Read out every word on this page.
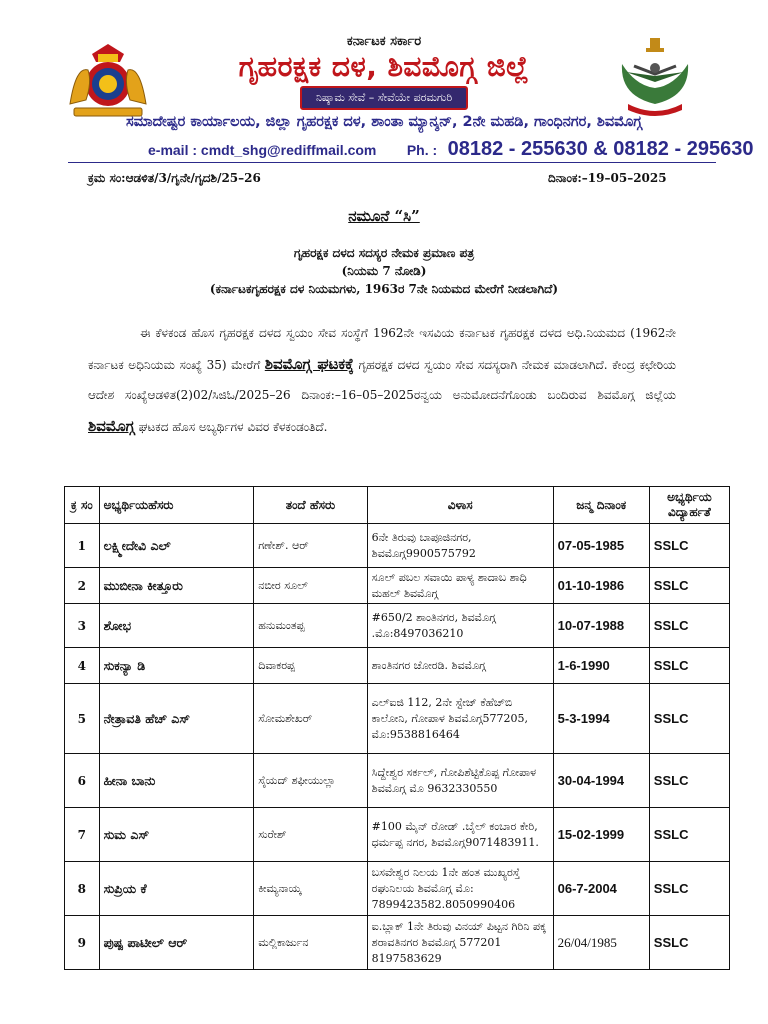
ಕರ್ನಾಟಕ ಸರ್ಕಾರ
ಗೃಹರಕ್ಷಕ ದಳ, ಶಿವಮೊಗ್ಗ ಜಿಲ್ಲೆ
ನಿಷ್ಕಾಮ ಸೇವೆ – ಸೇವೆಯೇ ಪರಮಗುರಿ
ಸಮಾದೇಷ್ಟರ ಕಾರ್ಯಾಲಯ, ಜಿಲ್ಲಾ ಗೃಹರಕ್ಷಕ ದಳ, ಶಾಂತಾ ಮ್ಯಾನ್ಶನ್, 2ನೇ ಮಹಡಿ, ಗಾಂಧಿನಗರ, ಶಿವಮೊಗ್ಗ
e-mail : cmdt_shg@rediffmail.com Ph. : 08182 - 255630 & 08182 - 295630
ಕ್ರಮ ಸಂ:ಆಡಳಿತ/3/ಗೃನೇ/ಗೃದಶಿ/25–26	ದಿನಾಂಕ:–19–05–2025
ನಮೂನೆ “ಸಿ”
ಗೃಹರಕ್ಷಕ ದಳದ ಸದಸ್ಯರ ನೇಮಕ ಪ್ರಮಾಣ ಪತ್ರ
(ನಿಯಮ 7 ನೋಡಿ)
(ಕರ್ನಾಟಕಗೃಹರಕ್ಷಕ ದಳ ನಿಯಮಗಳು, 1963ರ 7ನೇ ನಿಯಮದ ಮೇರೆಗೆ ನೀಡಲಾಗಿದೆ)
ಈ ಕೆಳಕಂಡ ಹೊಸ ಗೃಹರಕ್ಷಕ ದಳದ ಸ್ವಯಂ ಸೇವ ಸಂಸ್ಥೆಗೆ 1962ನೇ ಇಸವಿಯ ಕರ್ನಾಟಕ ಗೃಹರಕ್ಷಕ ದಳದ ಅಧಿ.ನಿಯಮದ (1962ನೇ ಕರ್ನಾಟಕ ಅಧಿನಿಯಮ ಸಂಖ್ಯೆ 35) ಮೇರೆಗೆ ಶಿವಮೊಗ್ಗ ಘಟಕಕ್ಕೆ ಗೃಹರಕ್ಷಕ ದಳದ ಸ್ವಯಂ ಸೇವ ಸದಸ್ಯರಾಗಿ ನೇಮಕ ಮಾಡಲಾಗಿದೆ. ಕೇಂದ್ರ ಕಛೇರಿಯ ಆದೇಶ ಸಂಖ್ಯೆಆಡಳಿತ(2)02/ಸಿಜಿಓ/2025–26 ದಿನಾಂಕ:–16–05–2025ರನ್ವಯ ಅನುಮೋದನೆಗೊಂಡು ಬಂದಿರುವ ಶಿವಮೊಗ್ಗ ಜಿಲ್ಲೆಯ ಶಿವಮೊಗ್ಗ ಘಟಕದ ಹೊಸ ಅಬ್ಯರ್ಥಿಗಳ ವಿವರ ಕೆಳಕಂಡಂತಿದೆ.
ಕ್ರ ಸಂ	ಅಭ್ಯರ್ಥಿಯಹೆಸರು	ತಂದೆ ಹೆಸರು	ವಿಳಾಸ	ಜನ್ಮ ದಿನಾಂಕ	ಅಭ್ಯರ್ಥಿಯ ವಿದ್ಯಾರ್ಹತೆ
1	ಲಕ್ಷ್ಮೀದೇವಿ ಎಲ್	ಗಣೇಶ್. ಆರ್	6ನೇ ತಿರುವು ಬಾಪೂಜಿನಗರ, ಶಿವಮೊಗ್ಗ9900575792	07-05-1985	SSLC
2	ಮುಬೀನಾ ಕೀತ್ತೂರು	ನಬೀರ ಸೂಲ್	ಸೂಲ್ ಪಬಲ ಸವಾಯಿ ಪಾಳ್ಯ ಶಾದಾಬ ಶಾಧಿ ಮಹಲ್ ಶಿವಮೊಗ್ಗ	01-10-1986	SSLC
3	ಶೋಭ	ಹನುಮಂತಪ್ಪ	#650/2 ಶಾಂತಿನಗರ, ಶಿವಮೊಗ್ಗ .ಮೊ:8497036210	10-07-1988	SSLC
4	ಸುಕನ್ಯಾ ಡಿ	ದಿವಾಕರಪ್ಪ	ಶಾಂತಿನಗರ ಚೋರಡಿ. ಶಿವಮೊಗ್ಗ	1-6-1990	SSLC
5	ನೇತ್ರಾವತಿ ಹೆಚ್ ಎಸ್	ಸೋಮಶೇಖರ್	ಎಲ್ಐಜಿ 112, 2ನೇ ಸ್ಟೇಜ್ ಕೆಹೆಚ್‌ಬಿ ಕಾಲೋನಿ, ಗೋಪಾಳ ಶಿವಮೊಗ್ಗ577205, ಮೊ:9538816464	5-3-1994	SSLC
6	ಹೀನಾ ಬಾನು	ಸೈಯದ್ ಶಫೀಯುಲ್ಲಾ	ಸಿದ್ದೇಶ್ವರ ಸರ್ಕಲ್, ಗೋಪಿಶೆಟ್ಟಿಕೊಪ್ಪ ಗೋಪಾಳ ಶಿವಮೊಗ್ಗ ಮೊ 9632330550	30-04-1994	SSLC
7	ಸುಮ ಎಸ್	ಸುರೇಶ್	#100 ಮೈನ್ ರೋಡ್ .ಬೈಲ್ ಕಂಬಾರ ಕೇರಿ, ಧರ್ಮಪ್ಪ ನಗರ, ಶಿವಮೊಗ್ಗ9071483911.	15-02-1999	SSLC
8	ಸುಪ್ರಿಯ ಕೆ	ಕೀಮ್ಯನಾಯ್ಕ	ಬಸವೇಶ್ವರ ನಿಲಯ 1ನೇ ಹಂತ ಮುಖ್ಯರಸ್ತೆ ರಘುನಿಲಯ ಶಿವಮೊಗ್ಗ ಮೊ: 7899423582.8050990406	06-7-2004	SSLC
9	ಪುಷ್ಪ ಪಾಟೀಲ್ ಆರ್	ಮಲ್ಲಿಕಾರ್ಜುನ	ಐ.ಬ್ಲಾಕ್ 1ನೇ ತಿರುವು ವಿನಯ್ ಪಿಟ್ಟನ ಗಿರಿನಿ ಪಕ್ಕ ಶರಾವತಿನಗರ ಶಿವಮೊಗ್ಗ 577201 8197583629	26/04/1985	SSLC
